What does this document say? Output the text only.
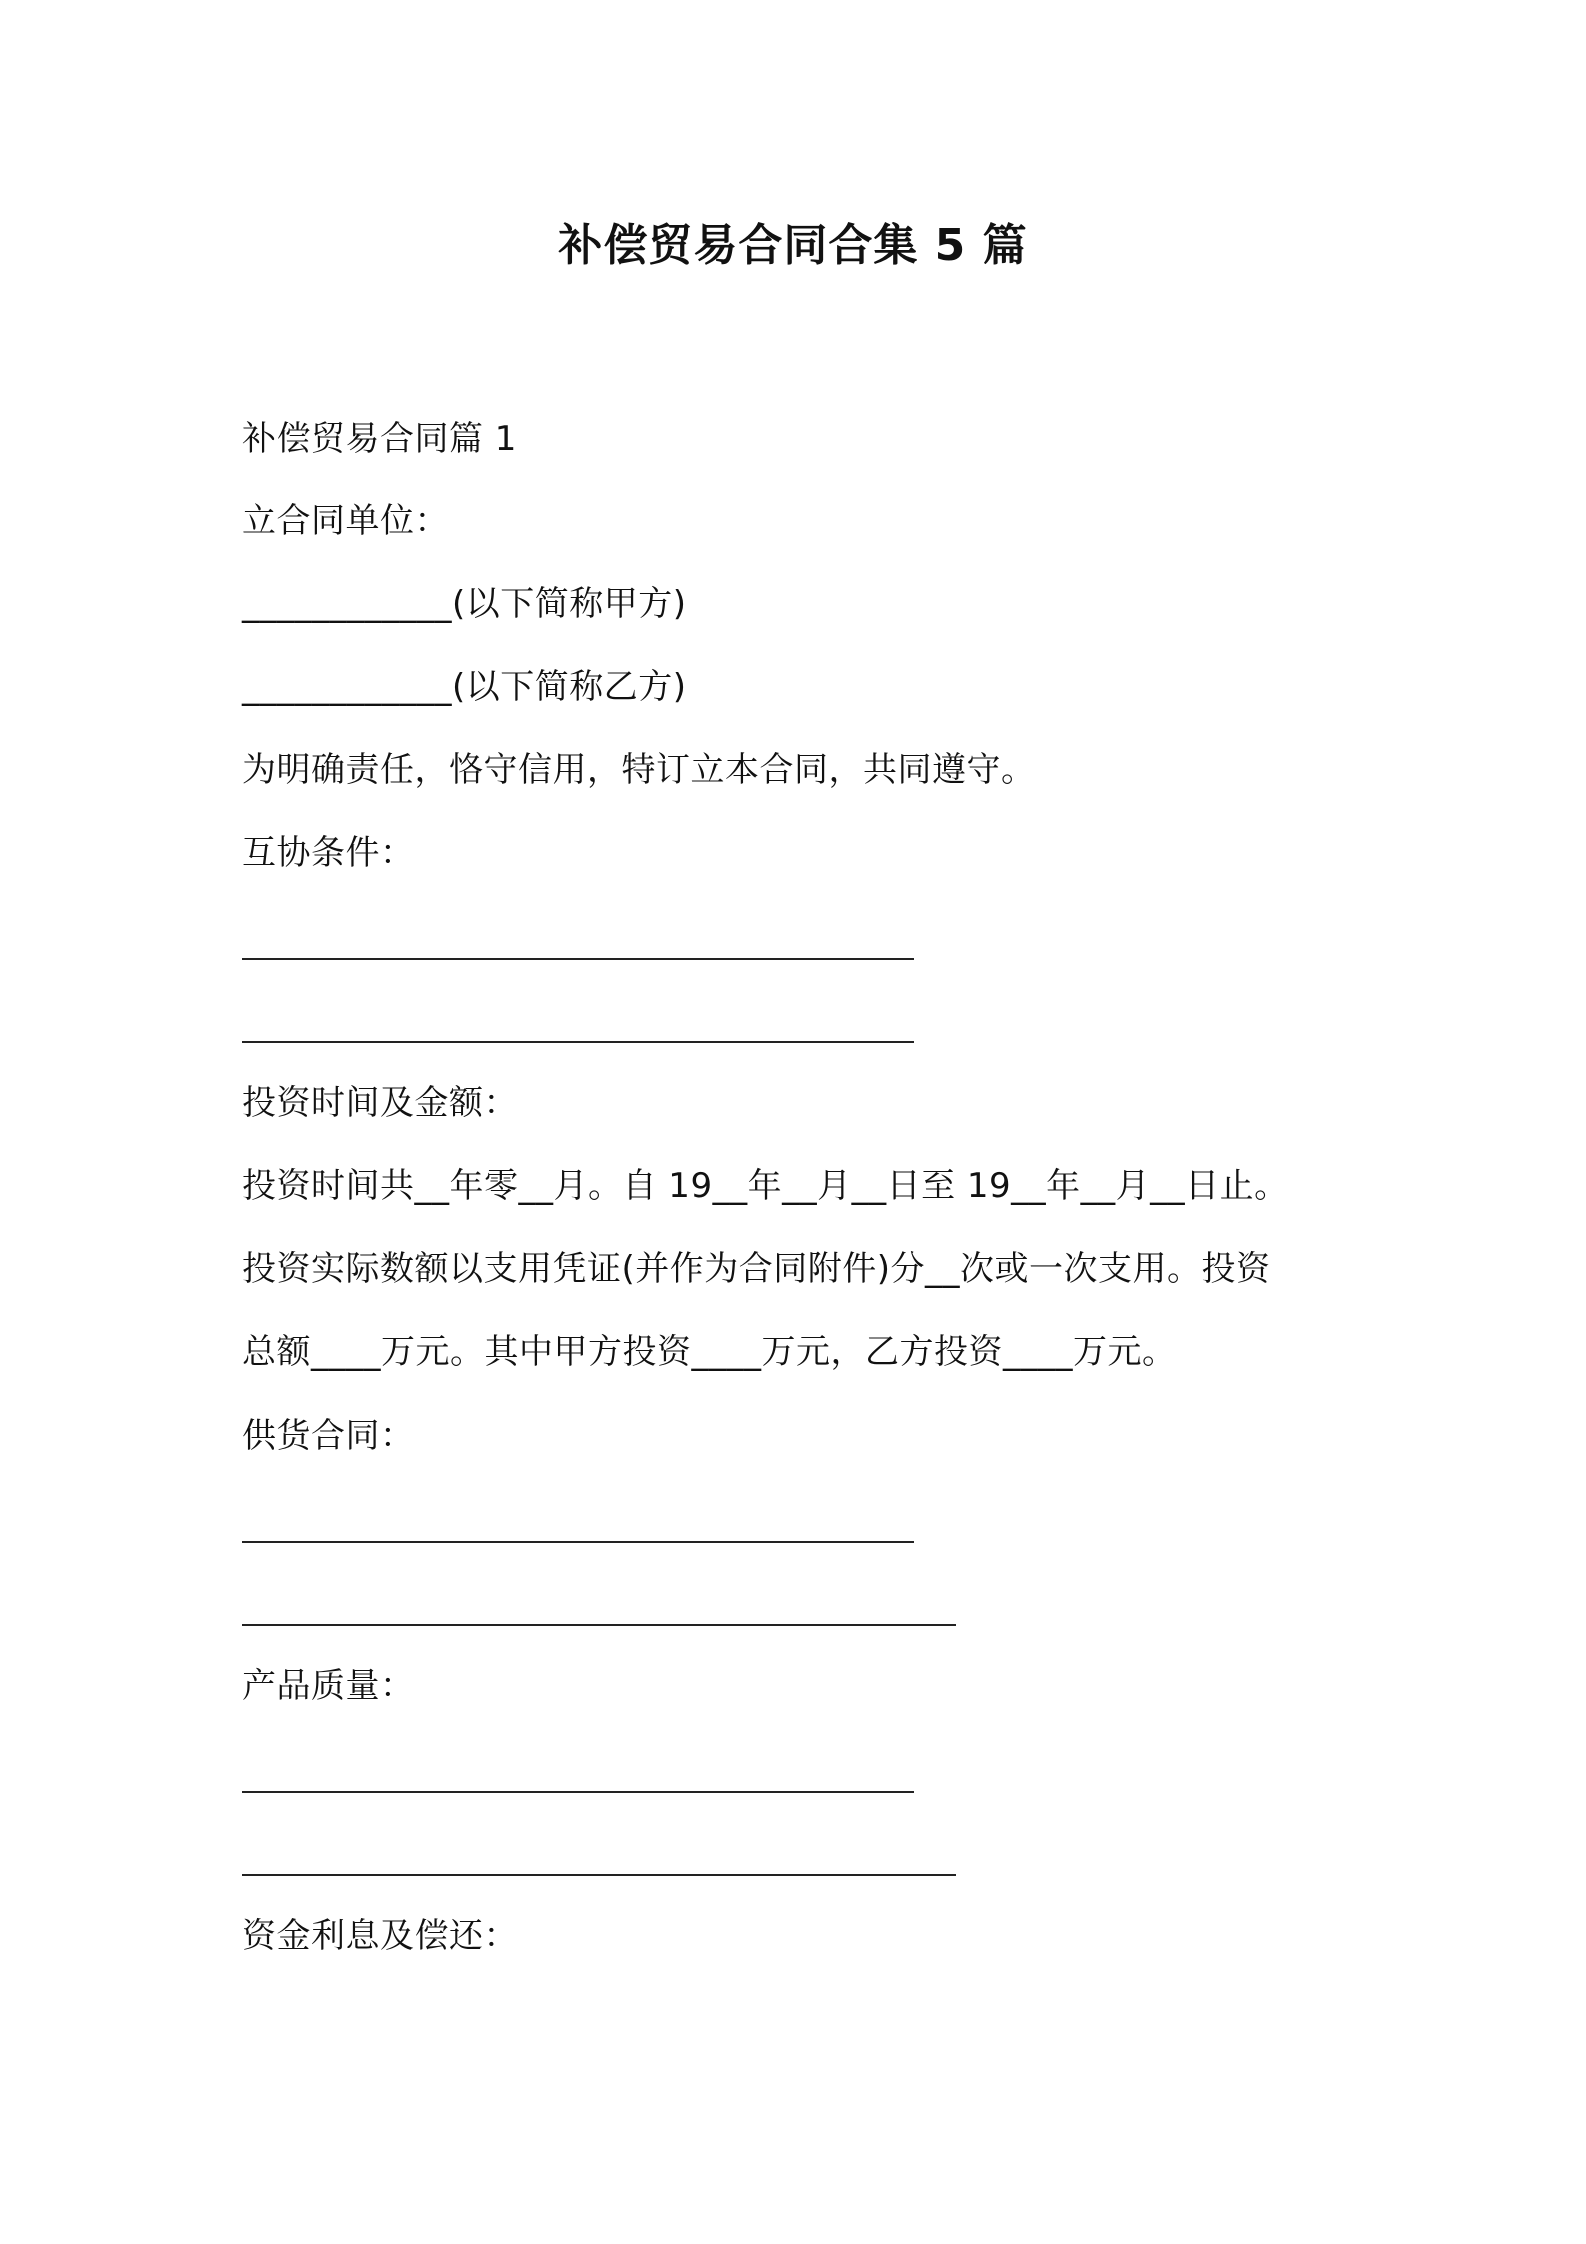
补偿贸易合同合集 5 篇
补偿贸易合同篇 1
立合同单位：
____________(以下简称甲方)
____________(以下简称乙方)
为明确责任，恪守信用，特订立本合同，共同遵守。
互协条件：
投资时间及金额：
投资时间共__年零__月。自 19__年__月__日至 19__年__月__日止。
投资实际数额以支用凭证(并作为合同附件)分__次或一次支用。投资
总额____万元。其中甲方投资____万元，乙方投资____万元。
供货合同：
产品质量：
资金利息及偿还：
